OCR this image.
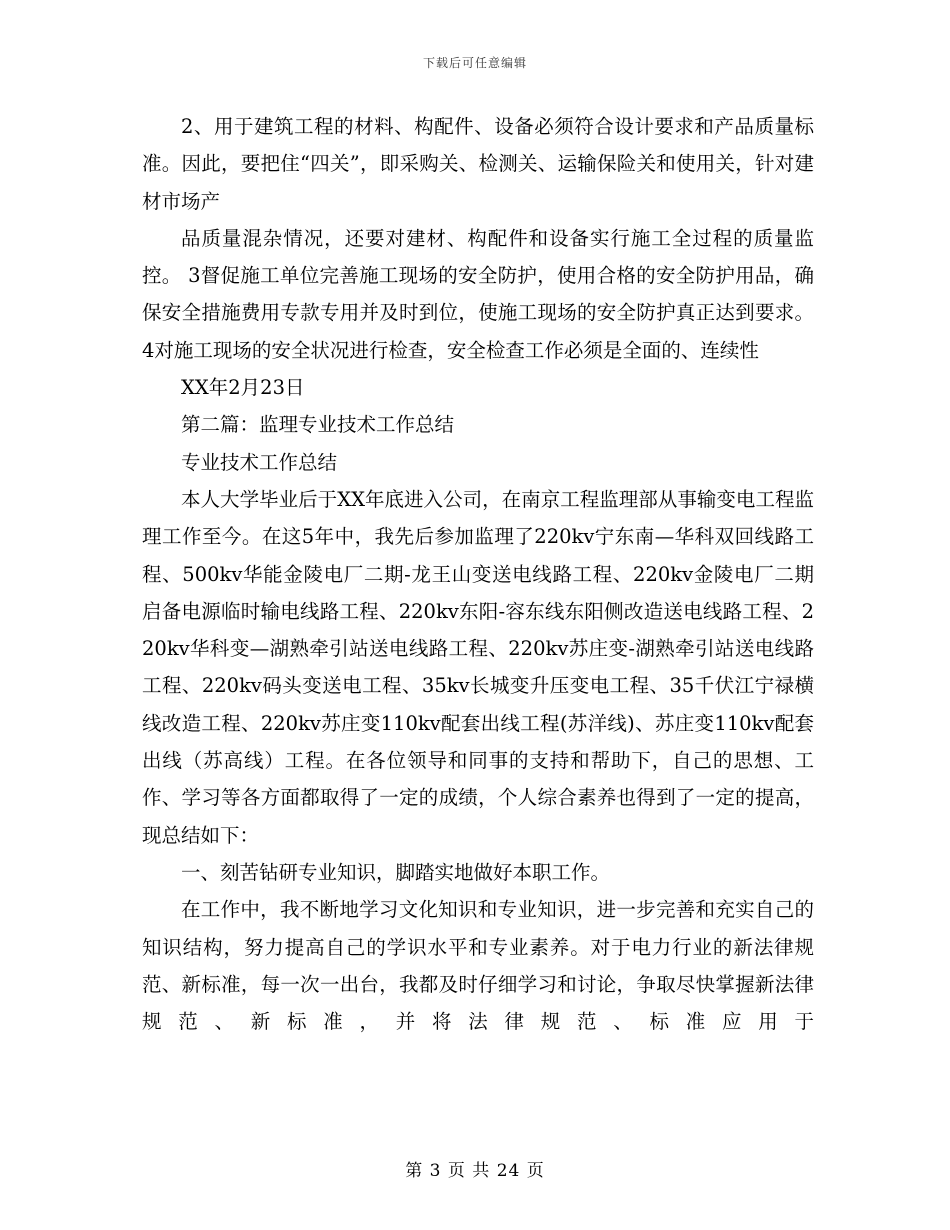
下载后可任意编辑

2、用于建筑工程的材料、构配件、设备必须符合设计要求和产品质量标准。因此，要把住“四关”，即采购关、检测关、运输保险关和使用关，针对建材市场产

品质量混杂情况，还要对建材、构配件和设备实行施工全过程的质量监控。 3督促施工单位完善施工现场的安全防护，使用合格的安全防护用品，确保安全措施费用专款专用并及时到位，使施工现场的安全防护真正达到要求。 4对施工现场的安全状况进行检查，安全检查工作必须是全面的、连续性

XX年2月23日

第二篇：监理专业技术工作总结

专业技术工作总结

本人大学毕业后于XX年底进入公司，在南京工程监理部从事输变电工程监理工作至今。在这5年中，我先后参加监理了220kv宁东南—华科双回线路工程、500kv华能金陵电厂二期-龙王山变送电线路工程、220kv金陵电厂二期启备电源临时输电线路工程、220kv东阳-容东线东阳侧改造送电线路工程、220kv华科变—湖熟牵引站送电线路工程、220kv苏庄变-湖熟牵引站送电线路工程、220kv码头变送电工程、35kv长城变升压变电工程、35千伏江宁禄横线改造工程、220kv苏庄变110kv配套出线工程(苏洋线)、苏庄变110kv配套出线（苏高线）工程。在各位领导和同事的支持和帮助下，自己的思想、工作、学习等各方面都取得了一定的成绩，个人综合素养也得到了一定的提高，现总结如下：

一、刻苦钻研专业知识，脚踏实地做好本职工作。

在工作中，我不断地学习文化知识和专业知识，进一步完善和充实自己的知识结构，努力提高自己的学识水平和专业素养。对于电力行业的新法律规范、新标准，每一次一出台，我都及时仔细学习和讨论，争取尽快掌握新法律规范、新标准，并将法律规范、标准应用于

第 3 页 共 24 页
